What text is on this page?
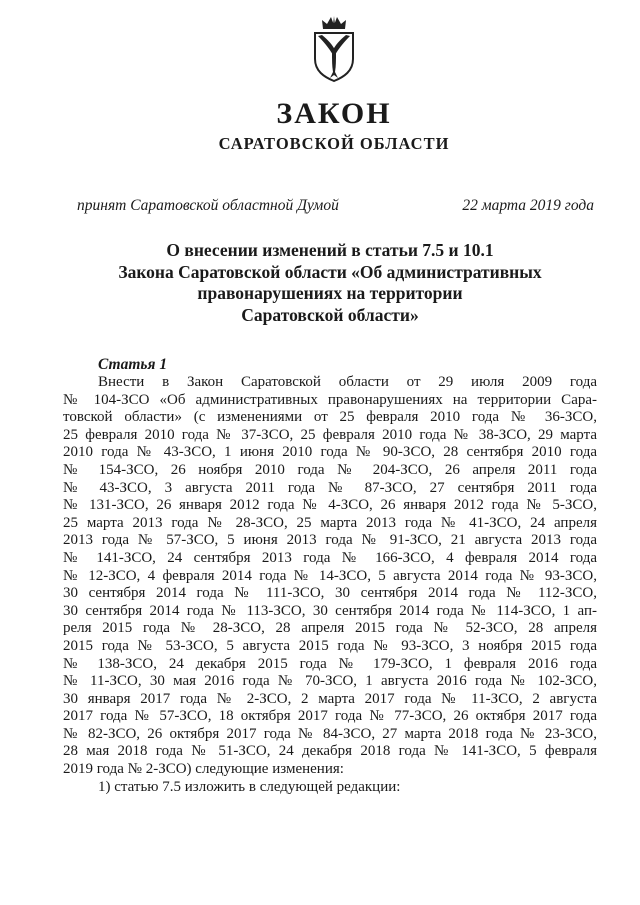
ЗАКОН
САРАТОВСКОЙ ОБЛАСТИ
принят Саратовской областной Думой	22 марта 2019 года
О внесении изменений в статьи 7.5 и 10.1
Закона Саратовской области «Об административных
правонарушениях на территории
Саратовской области»
Статья 1
Внести в Закон Саратовской области от 29 июля 2009 года
№ 104-ЗСО «Об административных правонарушениях на территории Сара-
товской области» (с изменениями от 25 февраля 2010 года № 36-ЗСО,
25 февраля 2010 года № 37-ЗСО, 25 февраля 2010 года № 38-ЗСО, 29 марта
2010 года № 43-ЗСО, 1 июня 2010 года № 90-ЗСО, 28 сентября 2010 года
№ 154-ЗСО, 26 ноября 2010 года № 204-ЗСО, 26 апреля 2011 года
№ 43-ЗСО, 3 августа 2011 года № 87-ЗСО, 27 сентября 2011 года
№ 131-ЗСО, 26 января 2012 года № 4-ЗСО, 26 января 2012 года № 5-ЗСО,
25 марта 2013 года № 28-ЗСО, 25 марта 2013 года № 41-ЗСО, 24 апреля
2013 года № 57-ЗСО, 5 июня 2013 года № 91-ЗСО, 21 августа 2013 года
№ 141-ЗСО, 24 сентября 2013 года № 166-ЗСО, 4 февраля 2014 года
№ 12-ЗСО, 4 февраля 2014 года № 14-ЗСО, 5 августа 2014 года № 93-ЗСО,
30 сентября 2014 года № 111-ЗСО, 30 сентября 2014 года № 112-ЗСО,
30 сентября 2014 года № 113-ЗСО, 30 сентября 2014 года № 114-ЗСО, 1 ап-
реля 2015 года № 28-ЗСО, 28 апреля 2015 года № 52-ЗСО, 28 апреля
2015 года № 53-ЗСО, 5 августа 2015 года № 93-ЗСО, 3 ноября 2015 года
№ 138-ЗСО, 24 декабря 2015 года № 179-ЗСО, 1 февраля 2016 года
№ 11-ЗСО, 30 мая 2016 года № 70-ЗСО, 1 августа 2016 года № 102-ЗСО,
30 января 2017 года № 2-ЗСО, 2 марта 2017 года № 11-ЗСО, 2 августа
2017 года № 57-ЗСО, 18 октября 2017 года № 77-ЗСО, 26 октября 2017 года
№ 82-ЗСО, 26 октября 2017 года № 84-ЗСО, 27 марта 2018 года № 23-ЗСО,
28 мая 2018 года № 51-ЗСО, 24 декабря 2018 года № 141-ЗСО, 5 февраля
2019 года № 2-ЗСО) следующие изменения:
1) статью 7.5 изложить в следующей редакции:
